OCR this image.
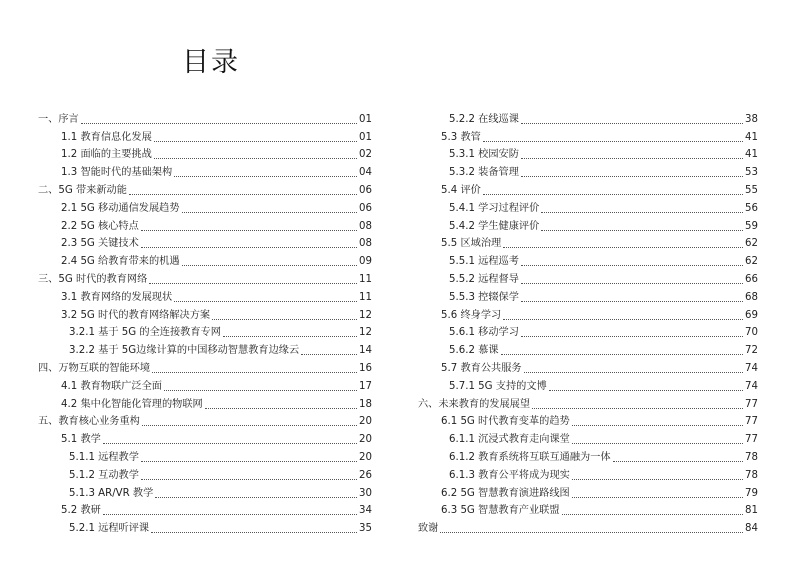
目录
一、序言	01
1.1 教育信息化发展	01
1.2 面临的主要挑战	02
1.3 智能时代的基础架构	04
二、5G 带来新动能	06
2.1 5G 移动通信发展趋势	06
2.2 5G 核心特点	08
2.3 5G 关键技术	08
2.4 5G 给教育带来的机遇	09
三、5G 时代的教育网络	11
3.1 教育网络的发展现状	11
3.2 5G 时代的教育网络解决方案	12
3.2.1 基于 5G 的全连接教育专网	12
3.2.2 基于 5G边缘计算的中国移动智慧教育边缘云	14
四、万物互联的智能环境	16
4.1 教育物联广泛全面	17
4.2 集中化智能化管理的物联网	18
五、教育核心业务重构	20
5.1 教学	20
5.1.1 远程教学	20
5.1.2 互动教学	26
5.1.3 AR/VR 教学	30
5.2 教研	34
5.2.1 远程听评课	35
5.2.2 在线巡课	38
5.3 教管	41
5.3.1 校园安防	41
5.3.2 装备管理	53
5.4 评价	55
5.4.1 学习过程评价	56
5.4.2 学生健康评价	59
5.5 区域治理	62
5.5.1 远程巡考	62
5.5.2 远程督导	66
5.5.3 控辍保学	68
5.6 终身学习	69
5.6.1 移动学习	70
5.6.2 慕课	72
5.7 教育公共服务	74
5.7.1 5G 支持的文博	74
六、未来教育的发展展望	77
6.1 5G 时代教育变革的趋势	77
6.1.1 沉浸式教育走向课堂	77
6.1.2 教育系统将互联互通融为一体	78
6.1.3 教育公平将成为现实	78
6.2 5G 智慧教育演进路线图	79
6.3 5G 智慧教育产业联盟	81
致谢	84
